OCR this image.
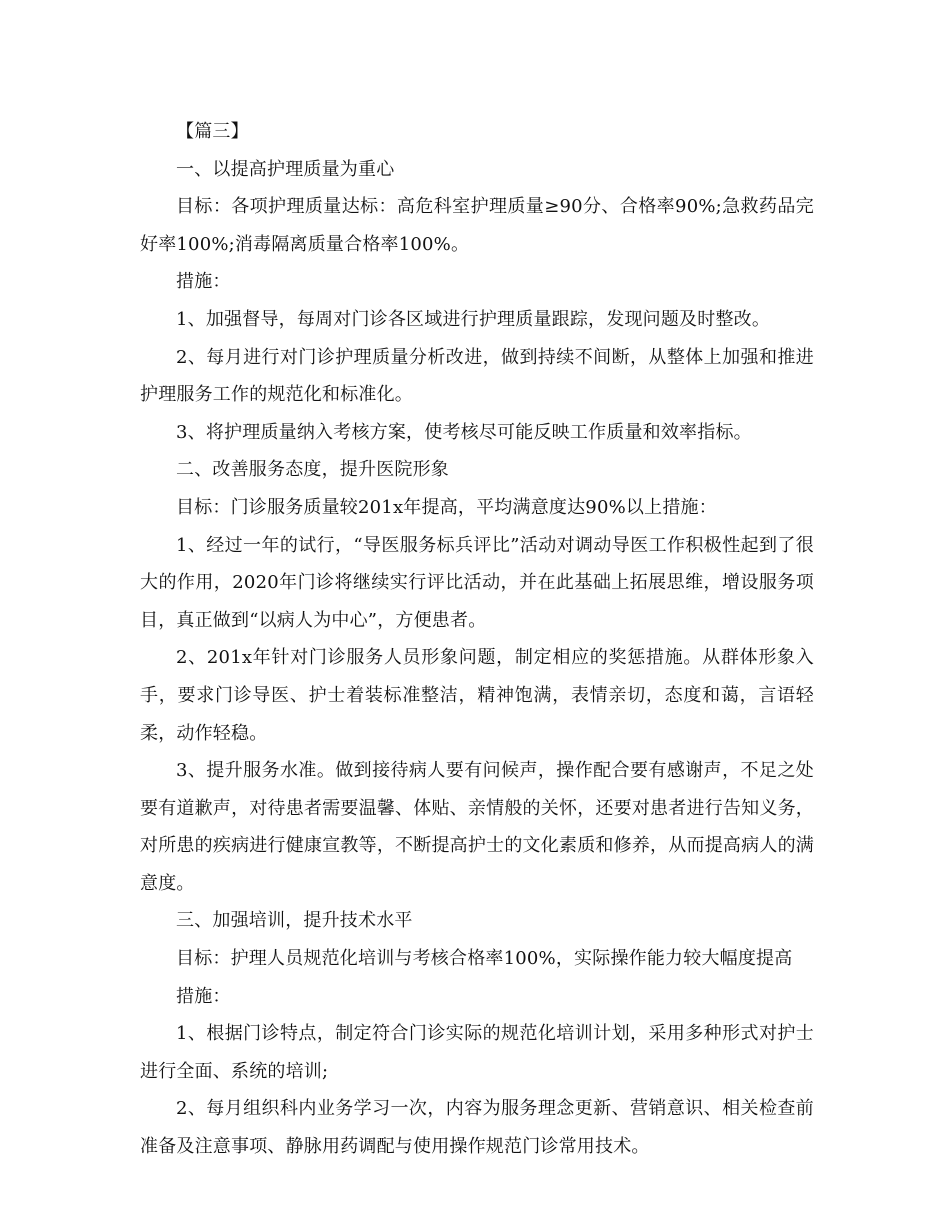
【篇三】

一、以提高护理质量为重心

目标：各项护理质量达标：高危科室护理质量≥90分、合格率90%;急救药品完好率100%;消毒隔离质量合格率100%。

措施：

1、加强督导，每周对门诊各区域进行护理质量跟踪，发现问题及时整改。

2、每月进行对门诊护理质量分析改进，做到持续不间断，从整体上加强和推进护理服务工作的规范化和标准化。

3、将护理质量纳入考核方案，使考核尽可能反映工作质量和效率指标。

二、改善服务态度，提升医院形象

目标：门诊服务质量较201x年提高，平均满意度达90%以上措施：

1、经过一年的试行，“导医服务标兵评比”活动对调动导医工作积极性起到了很大的作用，2020年门诊将继续实行评比活动，并在此基础上拓展思维，增设服务项目，真正做到“以病人为中心”，方便患者。

2、201x年针对门诊服务人员形象问题，制定相应的奖惩措施。从群体形象入手，要求门诊导医、护士着装标准整洁，精神饱满，表情亲切，态度和蔼，言语轻柔，动作轻稳。

3、提升服务水准。做到接待病人要有问候声，操作配合要有感谢声，不足之处要有道歉声，对待患者需要温馨、体贴、亲情般的关怀，还要对患者进行告知义务，对所患的疾病进行健康宣教等，不断提高护士的文化素质和修养，从而提高病人的满意度。

三、加强培训，提升技术水平

目标：护理人员规范化培训与考核合格率100%，实际操作能力较大幅度提高

措施：

1、根据门诊特点，制定符合门诊实际的规范化培训计划，采用多种形式对护士进行全面、系统的培训;

2、每月组织科内业务学习一次，内容为服务理念更新、营销意识、相关检查前准备及注意事项、静脉用药调配与使用操作规范门诊常用技术。
